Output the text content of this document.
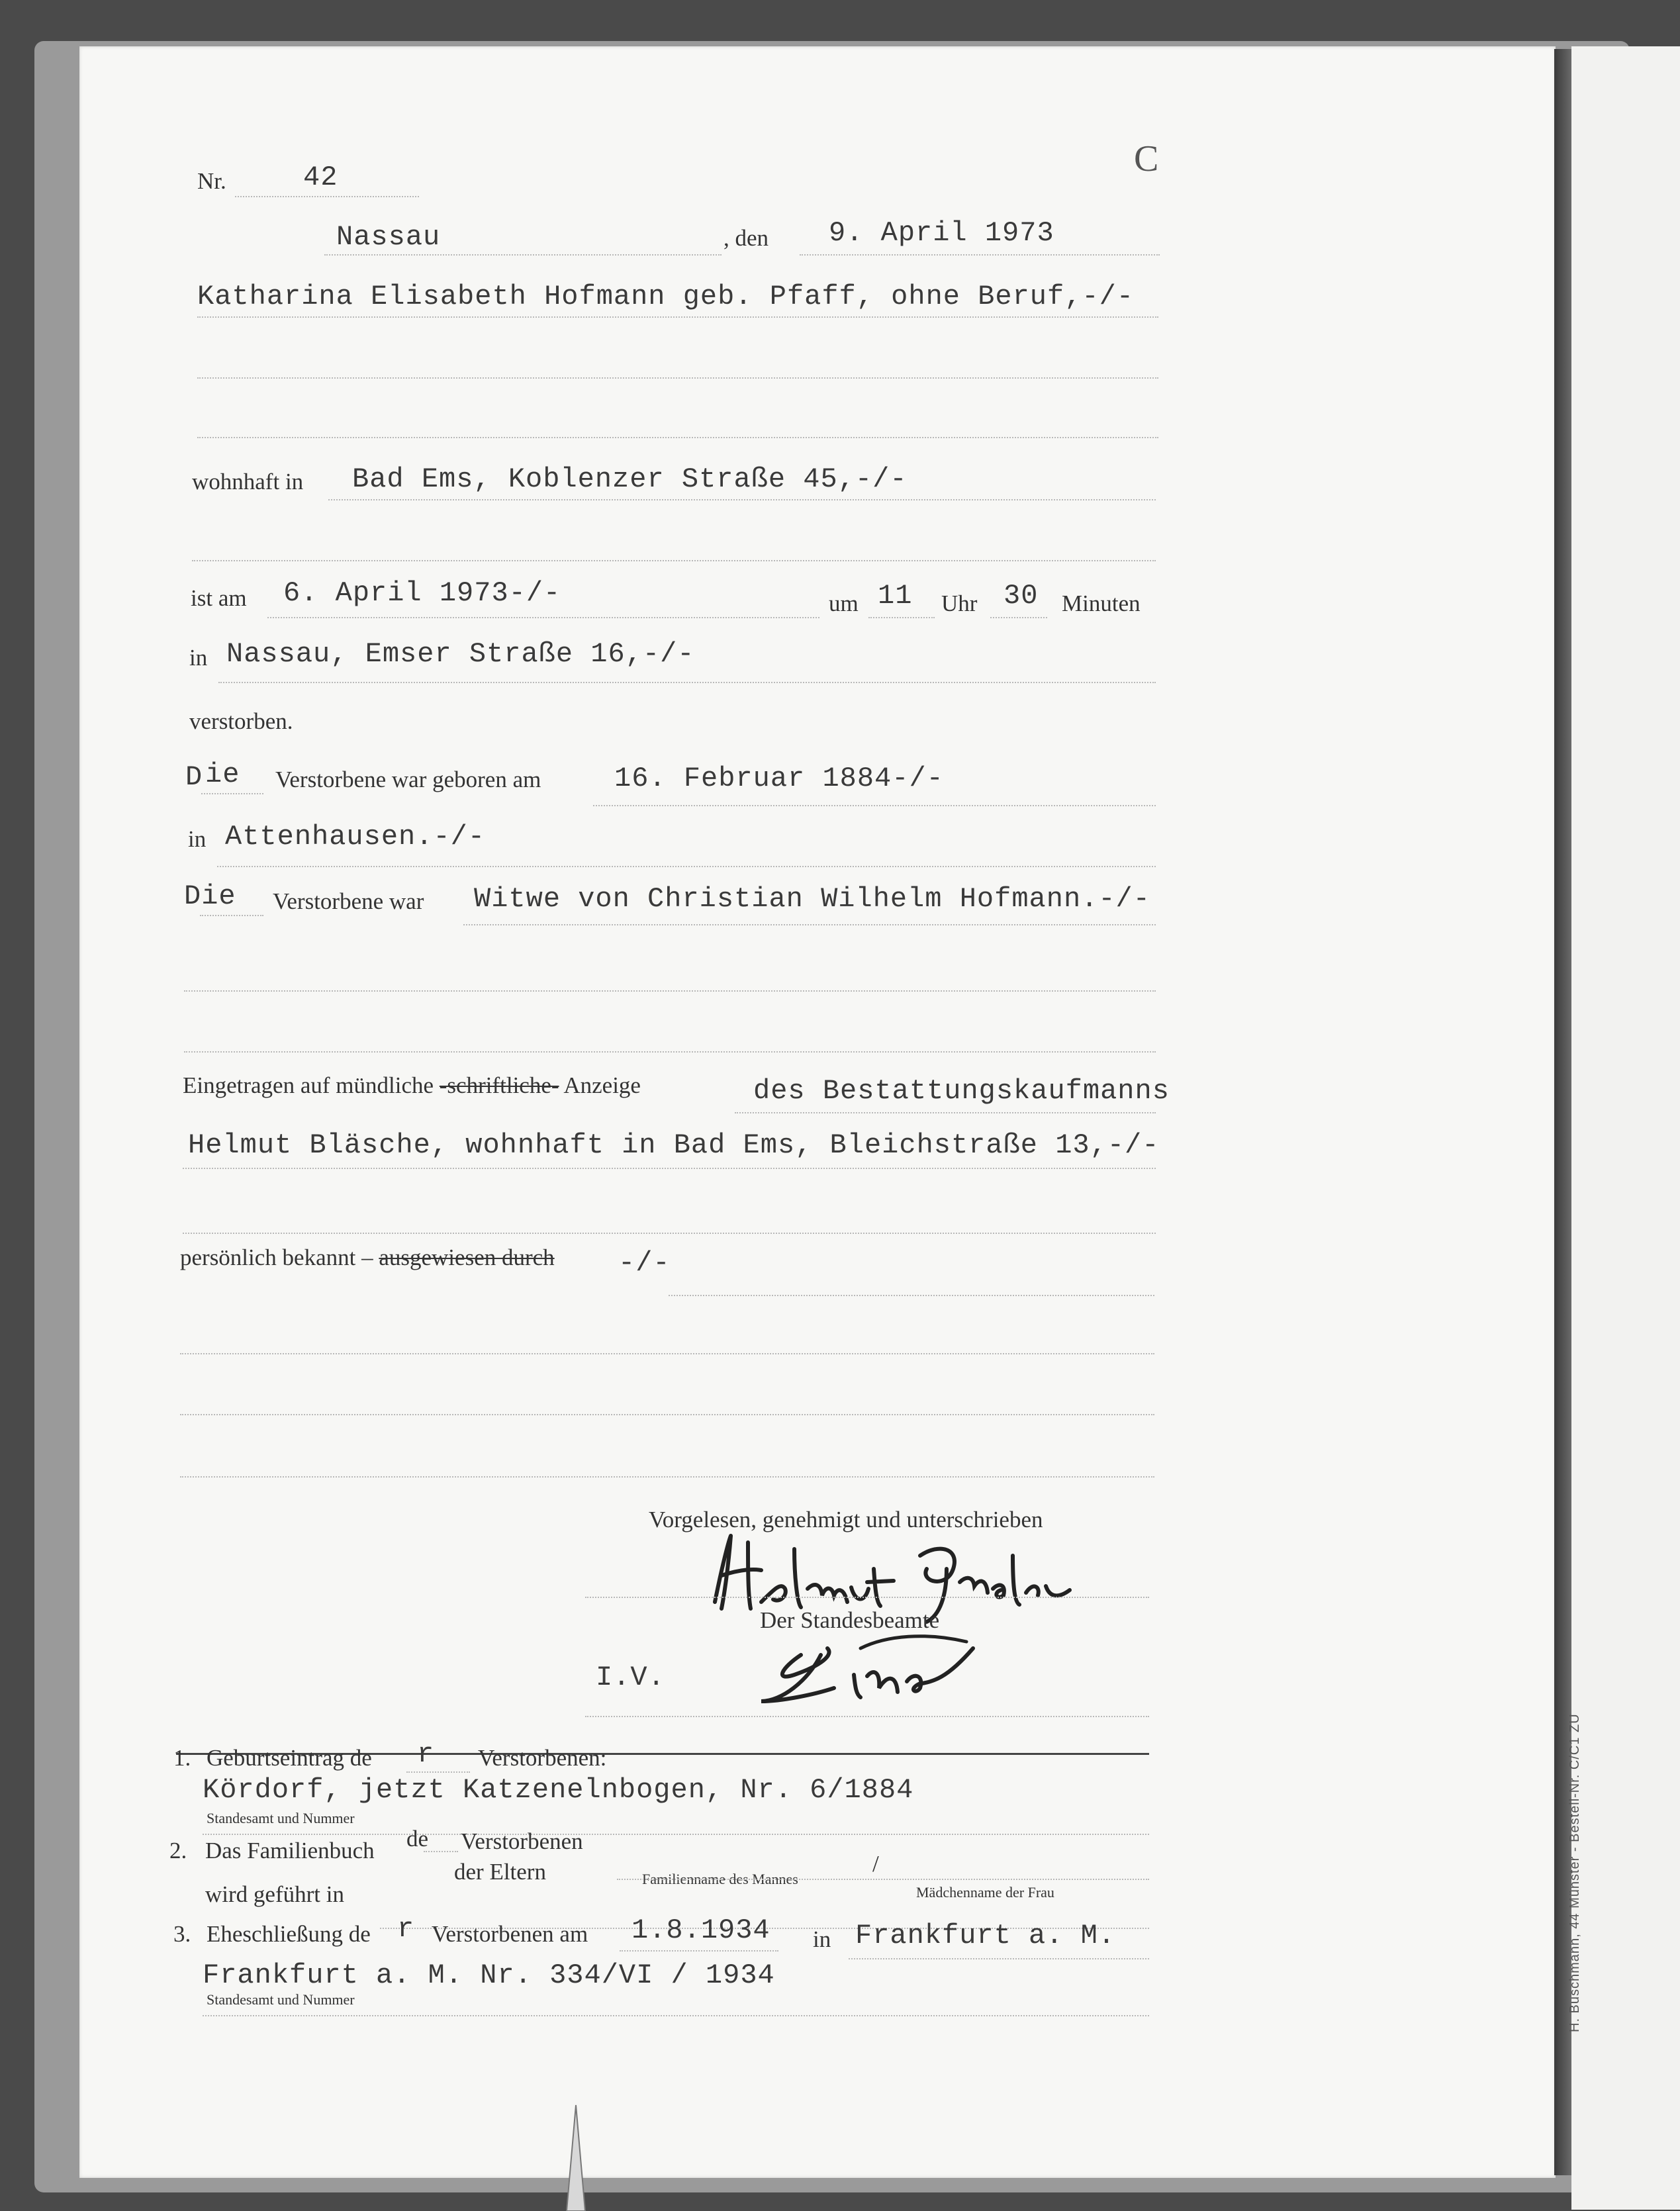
H. Buschmann, 44 Münster - Bestell-Nr. C/C1 ZU
C
Nr.	42
Nassau	, den 9. April 1973
Katharina Elisabeth Hofmann geb. Pfaff, ohne Beruf,-/-
wohnhaft in Bad Ems, Koblenzer Straße 45,-/-
ist am 6. April 1973-/-	um 11 Uhr 30 Minuten
in Nassau, Emser Straße 16,-/-
verstorben.
D ie Verstorbene war geboren am	16. Februar 1884-/-
in Attenhausen.-/-
Die Verstorbene war Witwe von Christian Wilhelm Hofmann.-/-
Eingetragen auf mündliche -schriftliche- Anzeige	des Bestattungskaufmanns
Helmut Bläsche, wohnhaft in Bad Ems, Bleichstraße 13,-/-
persönlich bekannt – ausgewiesen durch -/-
Vorgelesen, genehmigt und unterschrieben
Der Standesbeamte
I.V.
1. Geburtseintrag de r Verstorbenen:
Kördorf, jetzt Katzenelnbogen, Nr. 6/1884
Standesamt und Nummer
2. Das Familienbuch de Verstorbenen
der Eltern	Familienname des Mannes
/
Mädchenname der Frau
wird geführt in
3. Eheschließung de r Verstorbenen am 1.8.1934 in Frankfurt a. M.
Frankfurt a. M. Nr. 334/VI / 1934
Standesamt und Nummer
